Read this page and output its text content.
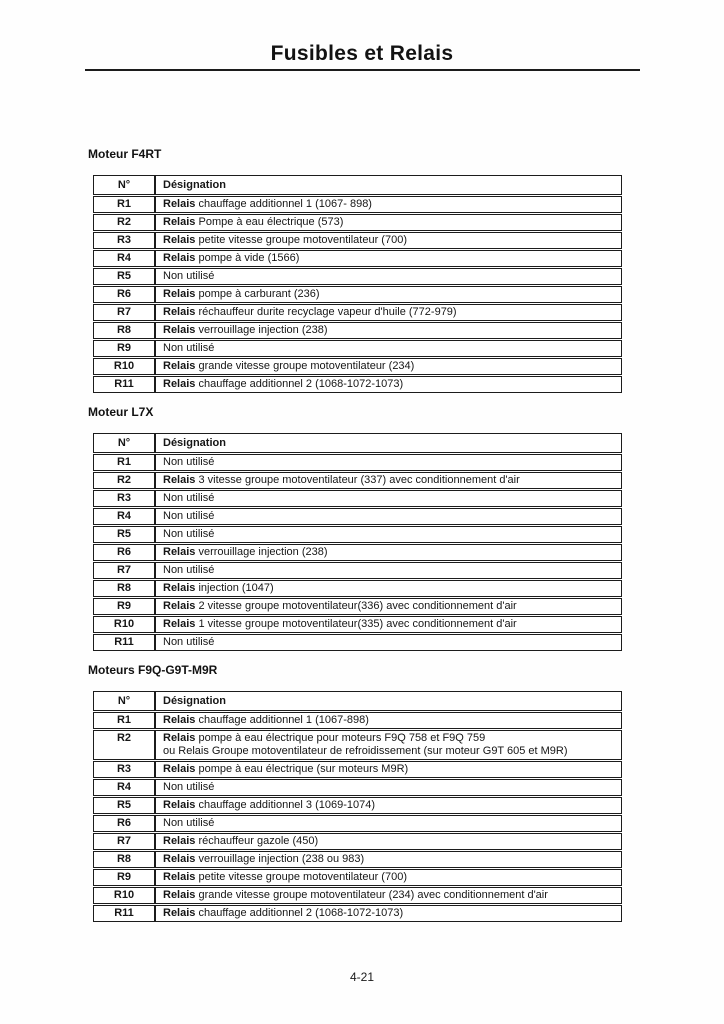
Fusibles et Relais
Moteur F4RT
N°	Désignation
R1	Relais chauffage additionnel 1 (1067- 898)
R2	Relais Pompe à eau électrique (573)
R3	Relais petite vitesse groupe motoventilateur (700)
R4	Relais pompe à vide (1566)
R5	Non utilisé
R6	Relais pompe à carburant (236)
R7	Relais réchauffeur durite recyclage vapeur d'huile (772-979)
R8	Relais verrouillage injection (238)
R9	Non utilisé
R10	Relais grande vitesse groupe motoventilateur (234)
R11	Relais chauffage additionnel 2 (1068-1072-1073)
Moteur L7X
N°	Désignation
R1	Non utilisé
R2	Relais 3 vitesse groupe motoventilateur (337) avec conditionnement d'air
R3	Non utilisé
R4	Non utilisé
R5	Non utilisé
R6	Relais verrouillage injection (238)
R7	Non utilisé
R8	Relais injection (1047)
R9	Relais 2 vitesse groupe motoventilateur(336) avec conditionnement d'air
R10	Relais 1 vitesse groupe motoventilateur(335) avec conditionnement d'air
R11	Non utilisé
Moteurs F9Q-G9T-M9R
N°	Désignation
R1	Relais chauffage additionnel 1 (1067-898)
R2	Relais pompe à eau électrique pour moteurs F9Q 758 et F9Q 759
ou Relais Groupe motoventilateur de refroidissement (sur moteur G9T 605 et M9R)
R3	Relais pompe à eau électrique (sur moteurs M9R)
R4	Non utilisé
R5	Relais chauffage additionnel 3 (1069-1074)
R6	Non utilisé
R7	Relais réchauffeur gazole (450)
R8	Relais verrouillage injection (238 ou 983)
R9	Relais petite vitesse groupe motoventilateur (700)
R10	Relais grande vitesse groupe motoventilateur (234) avec conditionnement d'air
R11	Relais chauffage additionnel 2 (1068-1072-1073)
4-21
